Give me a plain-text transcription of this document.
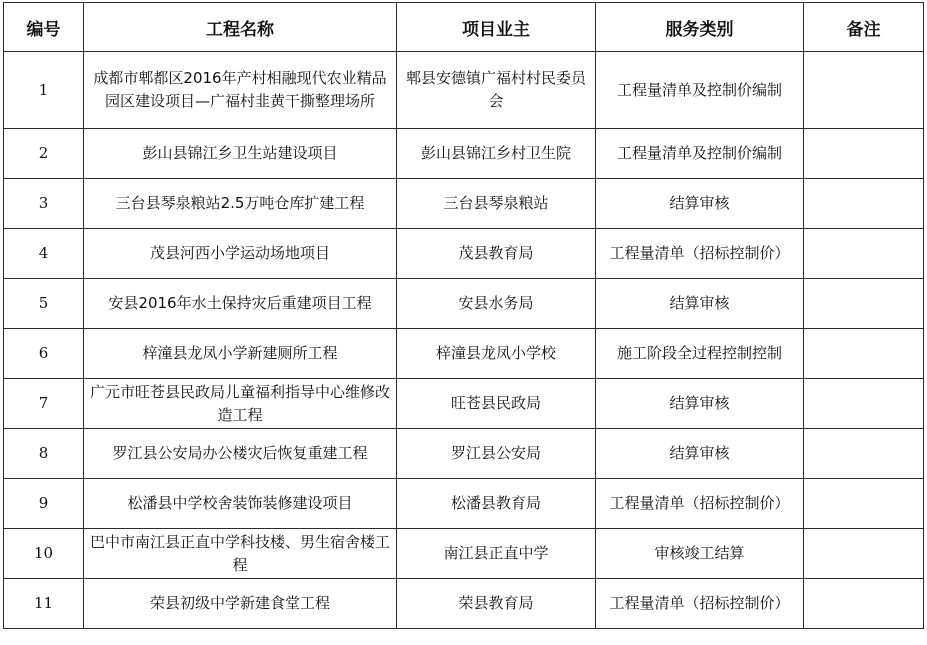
编号	工程名称	项目业主	服务类别	备注
1	成都市郫都区2016年产村相融现代农业精品园区建设项目—广福村韭黄干撕整理场所	郫县安德镇广福村村民委员会	工程量清单及控制价编制	
2	彭山县锦江乡卫生站建设项目	彭山县锦江乡村卫生院	工程量清单及控制价编制	
3	三台县琴泉粮站2.5万吨仓库扩建工程	三台县琴泉粮站	结算审核	
4	茂县河西小学运动场地项目	茂县教育局	工程量清单（招标控制价）	
5	安县2016年水土保持灾后重建项目工程	安县水务局	结算审核	
6	梓潼县龙凤小学新建厕所工程	梓潼县龙凤小学校	施工阶段全过程控制控制	
7	广元市旺苍县民政局儿童福利指导中心维修改造工程	旺苍县民政局	结算审核	
8	罗江县公安局办公楼灾后恢复重建工程	罗江县公安局	结算审核	
9	松潘县中学校舍装饰装修建设项目	松潘县教育局	工程量清单（招标控制价）	
10	巴中市南江县正直中学科技楼、男生宿舍楼工程	南江县正直中学	审核竣工结算	
11	荣县初级中学新建食堂工程	荣县教育局	工程量清单（招标控制价）	
